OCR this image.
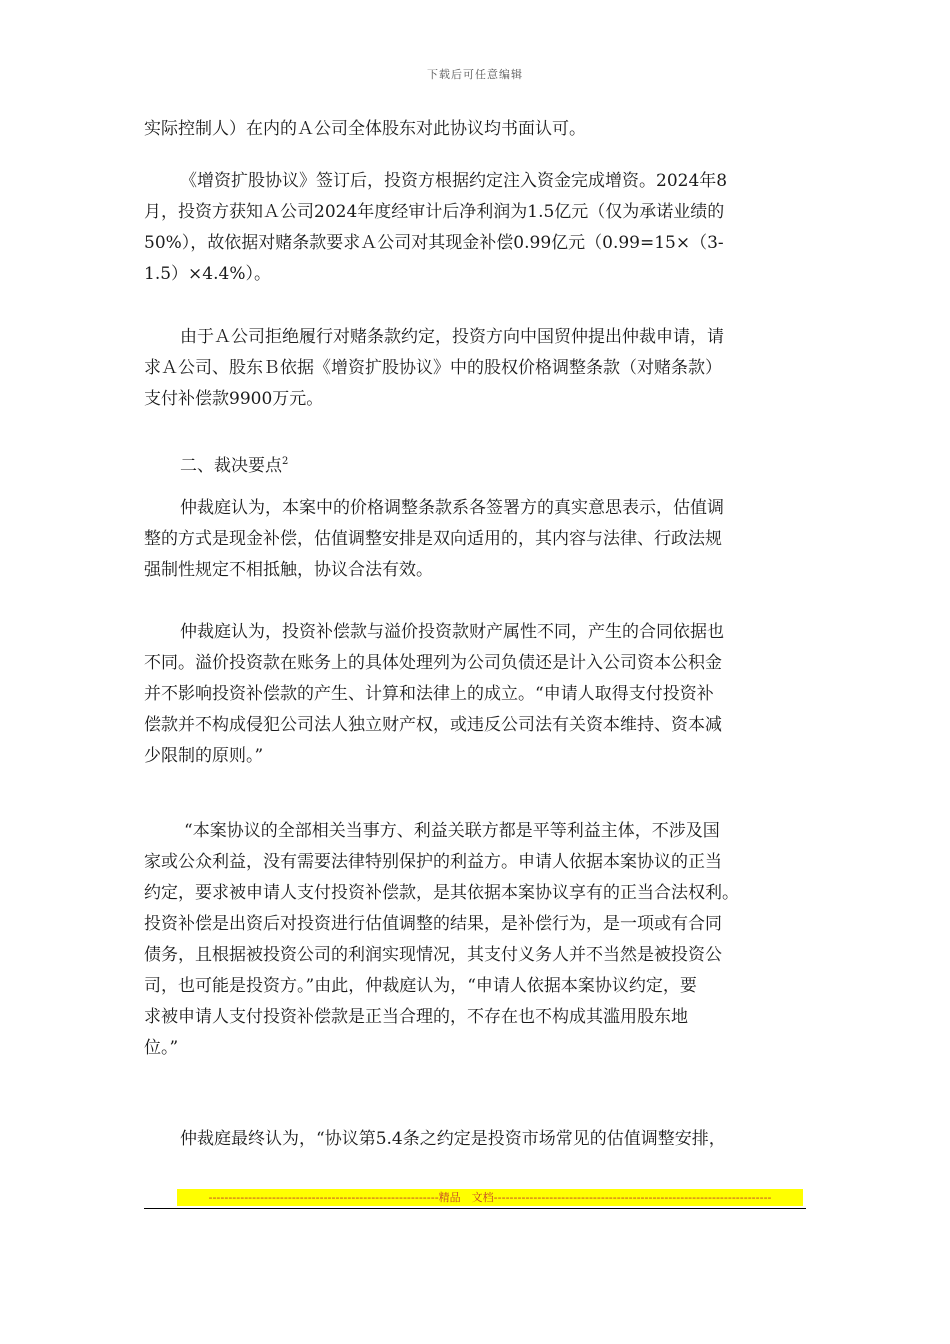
下载后可任意编辑
实际控制人）在内的Ａ公司全体股东对此协议均书面认可。
《增资扩股协议》签订后，投资方根据约定注入资金完成增资。2024年8
月，投资方获知Ａ公司2024年度经审计后净利润为1.5亿元（仅为承诺业绩的
50%），故依据对赌条款要求Ａ公司对其现金补偿0.99亿元（0.99=15×（3-
1.5）×4.4%）。
由于Ａ公司拒绝履行对赌条款约定，投资方向中国贸仲提出仲裁申请，请
求Ａ公司、股东Ｂ依据《增资扩股协议》中的股权价格调整条款（对赌条款）
支付补偿款9900万元。
二、裁决要点$^2$
仲裁庭认为，本案中的价格调整条款系各签署方的真实意思表示，估值调
整的方式是现金补偿，估值调整安排是双向适用的，其内容与法律、行政法规
强制性规定不相抵触，协议合法有效。
仲裁庭认为，投资补偿款与溢价投资款财产属性不同，产生的合同依据也
不同。溢价投资款在账务上的具体处理列为公司负债还是计入公司资本公积金
并不影响投资补偿款的产生、计算和法律上的成立。“申请人取得支付投资补
偿款并不构成侵犯公司法人独立财产权，或违反公司法有关资本维持、资本减
少限制的原则。”
“本案协议的全部相关当事方、利益关联方都是平等利益主体，不涉及国
家或公众利益，没有需要法律特别保护的利益方。申请人依据本案协议的正当
约定，要求被申请人支付投资补偿款，是其依据本案协议享有的正当合法权利。
投资补偿是出资后对投资进行估值调整的结果，是补偿行为，是一项或有合同
债务，且根据被投资公司的利润实现情况，其支付义务人并不当然是被投资公
司，也可能是投资方。”由此，仲裁庭认为，“申请人依据本案协议约定，要
求被申请人支付投资补偿款是正当合理的，不存在也不构成其滥用股东地
位。”
仲裁庭最终认为，“协议第5.4条之约定是投资市场常见的估值调整安排，
----------------------------------------------------------精品　文档----------------------------------------------------------------------
